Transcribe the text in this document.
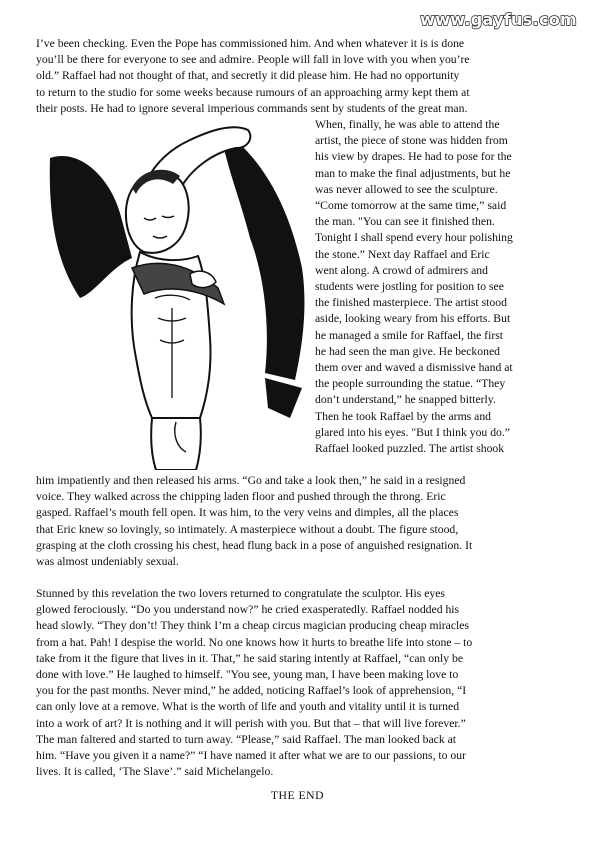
www.gayfus.com
I’ve been checking. Even the Pope has commissioned him. And when whatever it is is done
you’ll be there for everyone to see and admire. People will fall in love with you when you’re
old.” Raffael had not thought of that, and secretly it did please him. He had no opportunity
to return to the studio for some weeks because rumours of an approaching army kept them at
their posts. He had to ignore several imperious commands sent by students of the great man.
When, finally, he was able to attend the
artist, the piece of stone was hidden from
his view by drapes. He had to pose for the
man to make the final adjustments, but he
was never allowed to see the sculpture.
“Come tomorrow at the same time,” said
the man. "You can see it finished then.
Tonight I shall spend every hour polishing
the stone.” Next day Raffael and Eric
went along. A crowd of admirers and
students were jostling for position to see
the finished masterpiece. The artist stood
aside, looking weary from his efforts. But
he managed a smile for Raffael, the first
he had seen the man give. He beckoned
them over and waved a dismissive hand at
the people surrounding the statue. “They
don’t understand,” he snapped bitterly.
Then he took Raffael by the arms and
glared into his eyes. "But I think you do.”
Raffael looked puzzled. The artist shook
him impatiently and then released his arms. “Go and take a look then,” he said in a resigned
voice. They walked across the chipping laden floor and pushed through the throng. Eric
gasped. Raffael’s mouth fell open. It was him, to the very veins and dimples, all the places
that Eric knew so lovingly, so intimately. A masterpiece without a doubt. The figure stood,
grasping at the cloth crossing his chest, head flung back in a pose of anguished resignation. It
was almost undeniably sexual.
Stunned by this revelation the two lovers returned to congratulate the sculptor. His eyes
glowed ferociously. “Do you understand now?” he cried exasperatedly. Raffael nodded his
head slowly. “They don’t! They think I’m a cheap circus magician producing cheap miracles
from a hat. Pah! I despise the world. No one knows how it hurts to breathe life into stone – to
take from it the figure that lives in it. That,” he said staring intently at Raffael, “can only be
done with love.” He laughed to himself. "You see, young man, I have been making love to
you for the past months. Never mind,” he added, noticing Raffael’s look of apprehension, “I
can only love at a remove. What is the worth of life and youth and vitality until it is turned
into a work of art? It is nothing and it will perish with you. But that – that will live forever.”
The man faltered and started to turn away. “Please,” said Raffael. The man looked back at
him. “Have you given it a name?” “I have named it after what we are to our passions, to our
lives. It is called, ‘The Slave’.” said Michelangelo.
THE END
